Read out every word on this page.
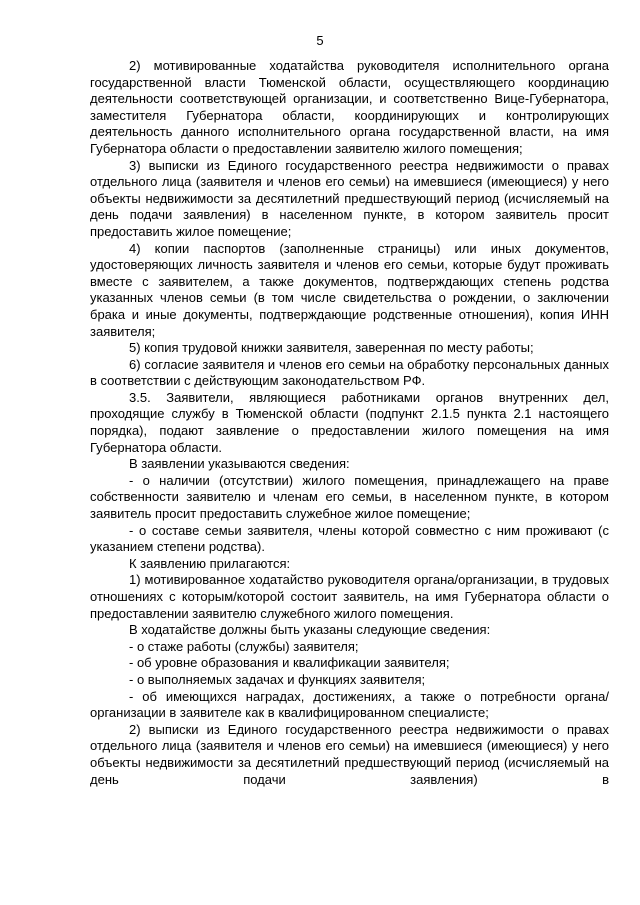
5

2) мотивированные ходатайства руководителя исполнительного органа государственной власти Тюменской области, осуществляющего координацию деятельности соответствующей организации, и соответственно Вице-Губернатора, заместителя Губернатора области, координирующих и контролирующих деятельность данного исполнительного органа государственной власти, на имя Губернатора области о предоставлении заявителю жилого помещения;

3) выписки из Единого государственного реестра недвижимости о правах отдельного лица (заявителя и членов его семьи) на имевшиеся (имеющиеся) у него объекты недвижимости за десятилетний предшествующий период (исчисляемый на день подачи заявления) в населенном пункте, в котором заявитель просит предоставить жилое помещение;

4) копии паспортов (заполненные страницы) или иных документов, удостоверяющих личность заявителя и членов его семьи, которые будут проживать вместе с заявителем, а также документов, подтверждающих степень родства указанных членов семьи (в том числе свидетельства о рождении, о заключении брака и иные документы, подтверждающие родственные отношения), копия ИНН заявителя;

5) копия трудовой книжки заявителя, заверенная по месту работы;

6) согласие заявителя и членов его семьи на обработку персональных данных в соответствии с действующим законодательством РФ.

3.5. Заявители, являющиеся работниками органов внутренних дел, проходящие службу в Тюменской области (подпункт 2.1.5 пункта 2.1 настоящего порядка), подают заявление о предоставлении жилого помещения на имя Губернатора области.

В заявлении указываются сведения:

- о наличии (отсутствии) жилого помещения, принадлежащего на праве собственности заявителю и членам его семьи, в населенном пункте, в котором заявитель просит предоставить служебное жилое помещение;

- о составе семьи заявителя, члены которой совместно с ним проживают (с указанием степени родства).

К заявлению прилагаются:

1) мотивированное ходатайство руководителя органа/организации, в трудовых отношениях с которым/которой состоит заявитель, на имя Губернатора области о предоставлении заявителю служебного жилого помещения.

В ходатайстве должны быть указаны следующие сведения:

- о стаже работы (службы) заявителя;

- об уровне образования и квалификации заявителя;

- о выполняемых задачах и функциях заявителя;

- об имеющихся наградах, достижениях, а также о потребности органа/организации в заявителе как в квалифицированном специалисте;

2) выписки из Единого государственного реестра недвижимости о правах отдельного лица (заявителя и членов его семьи) на имевшиеся (имеющиеся) у него объекты недвижимости за десятилетний предшествующий период (исчисляемый на день подачи заявления) в
